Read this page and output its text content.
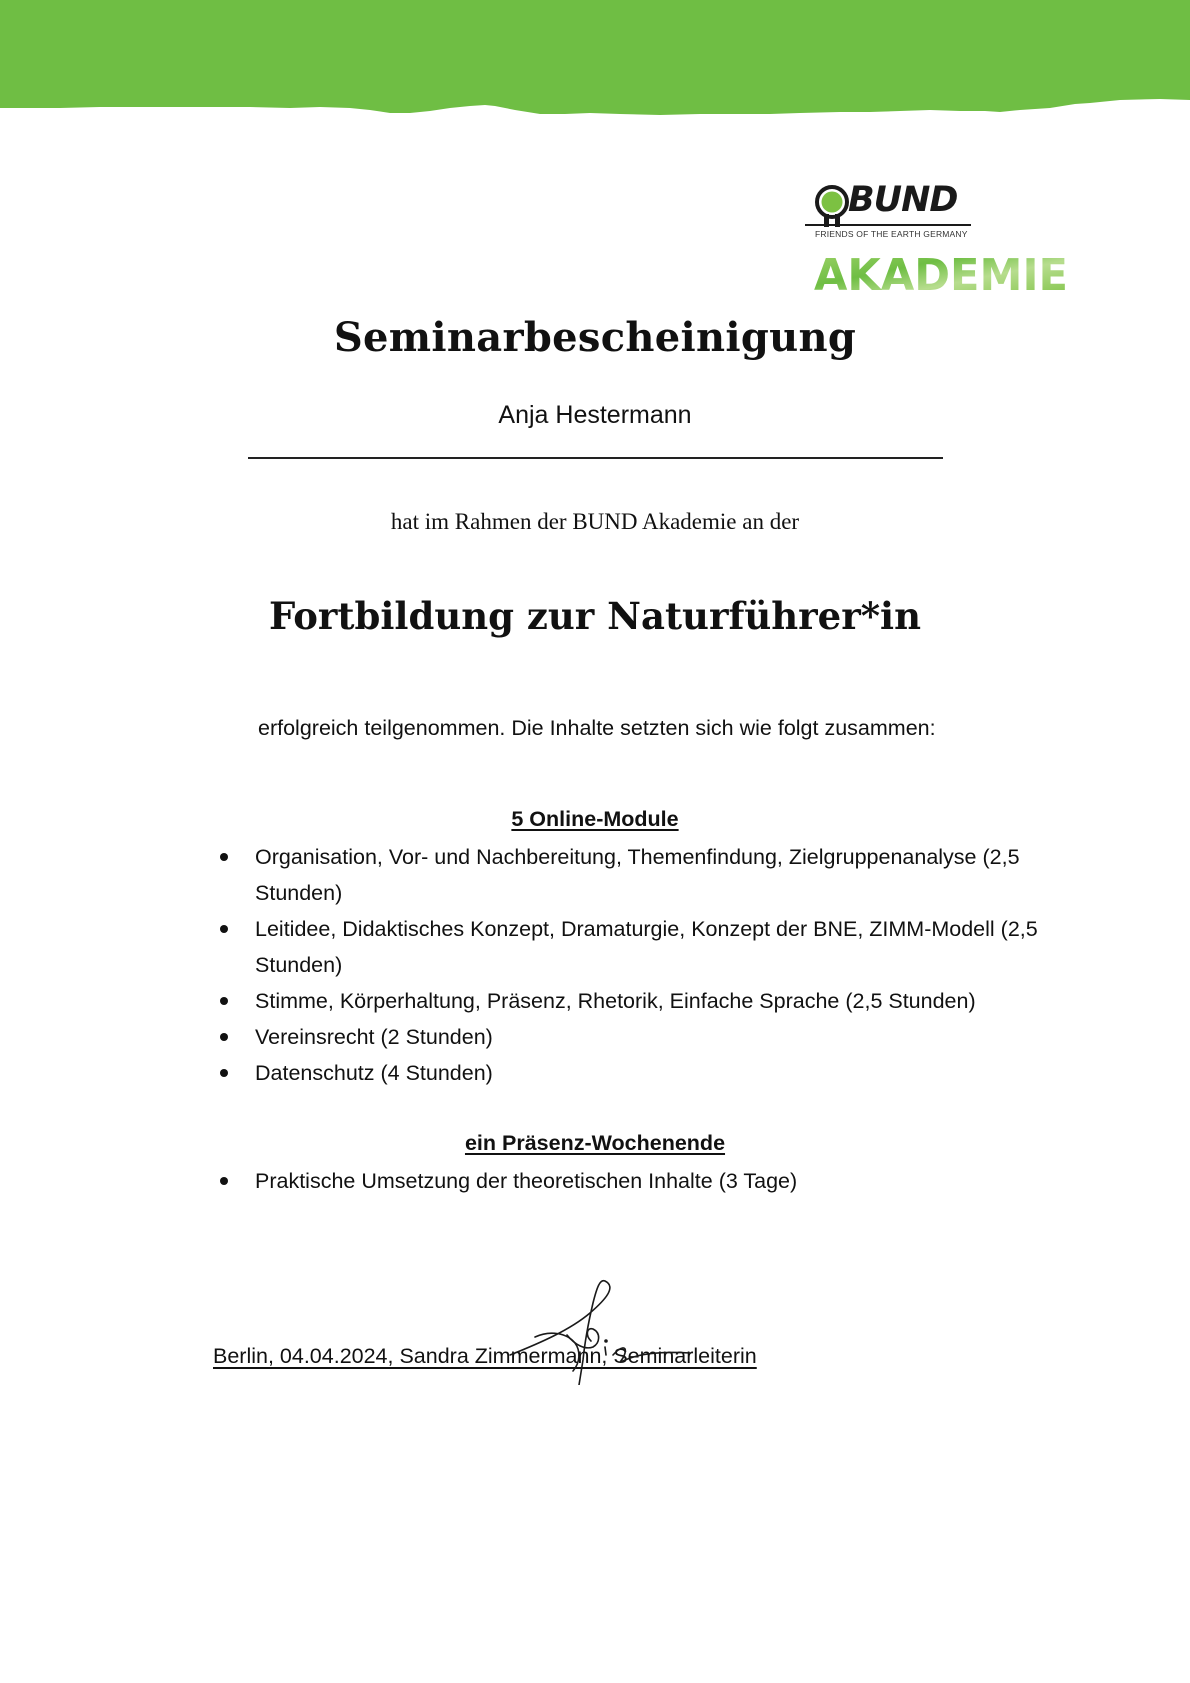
BUND
FRIENDS OF THE EARTH GERMANY
AKADEMIE
Seminarbescheinigung
Anja Hestermann
hat im Rahmen der BUND Akademie an der
Fortbildung zur Naturführer*in
erfolgreich teilgenommen. Die Inhalte setzten sich wie folgt zusammen:
5 Online-Module
Organisation, Vor- und Nachbereitung, Themenfindung, Zielgruppenanalyse (2,5 Stunden)
Leitidee, Didaktisches Konzept, Dramaturgie, Konzept der BNE, ZIMM-Modell (2,5 Stunden)
Stimme, Körperhaltung, Präsenz, Rhetorik, Einfache Sprache (2,5 Stunden)
Vereinsrecht (2 Stunden)
Datenschutz (4 Stunden)
ein Präsenz-Wochenende
Praktische Umsetzung der theoretischen Inhalte (3 Tage)
Berlin, 04.04.2024, Sandra Zimmermann, Seminarleiterin
